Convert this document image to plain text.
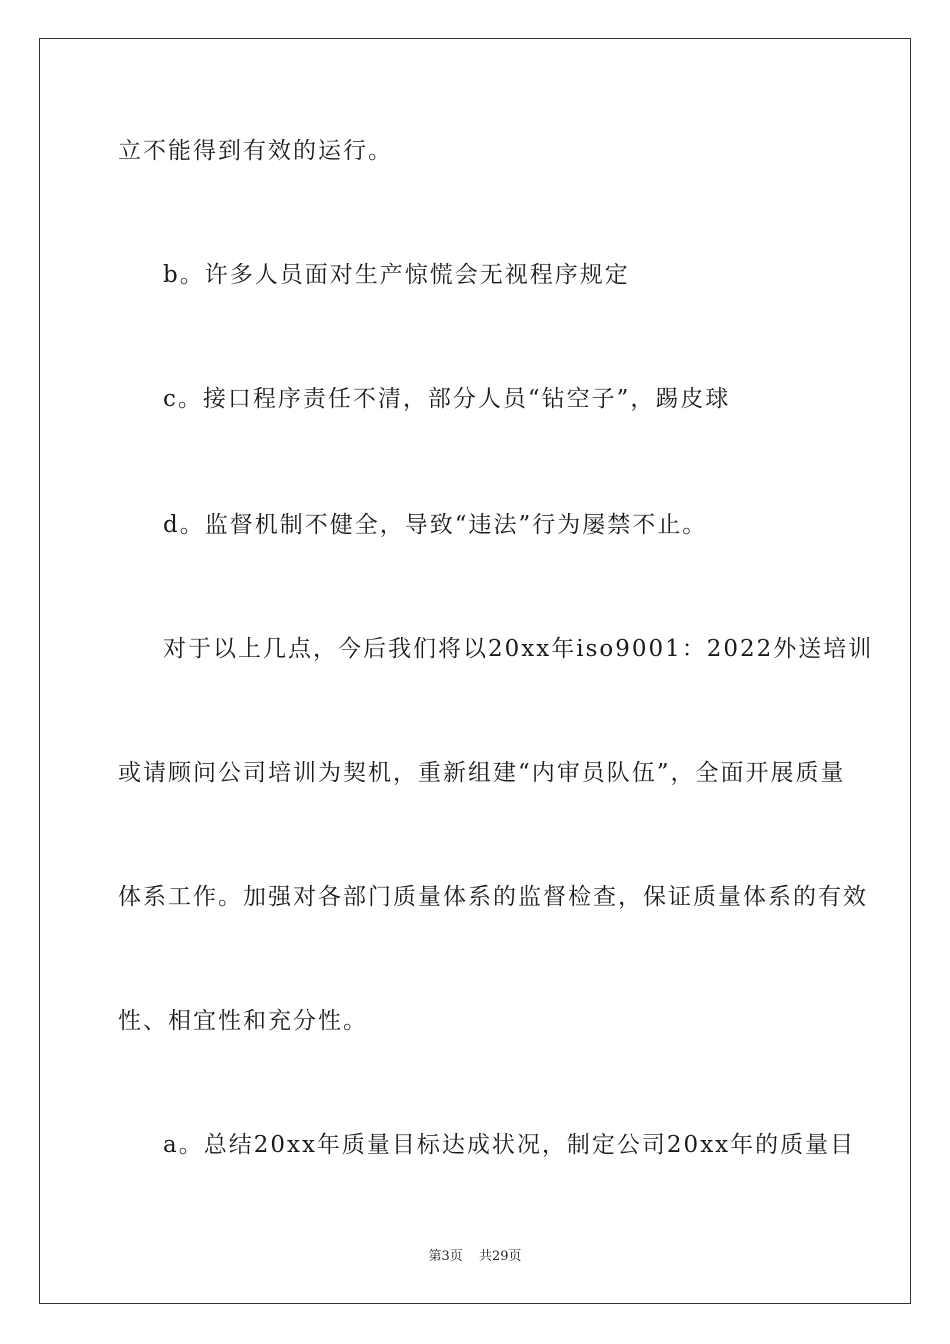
立不能得到有效的运行。
b。许多人员面对生产惊慌会无视程序规定
c。接口程序责任不清，部分人员“钻空子”，踢皮球
d。监督机制不健全，导致“违法”行为屡禁不止。
对于以上几点，今后我们将以20xx年iso9001：2022外送培训
或请顾问公司培训为契机，重新组建“内审员队伍”，全面开展质量
体系工作。加强对各部门质量体系的监督检查，保证质量体系的有效
性、相宜性和充分性。
a。总结20xx年质量目标达成状况，制定公司20xx年的质量目
第3页 共29页
